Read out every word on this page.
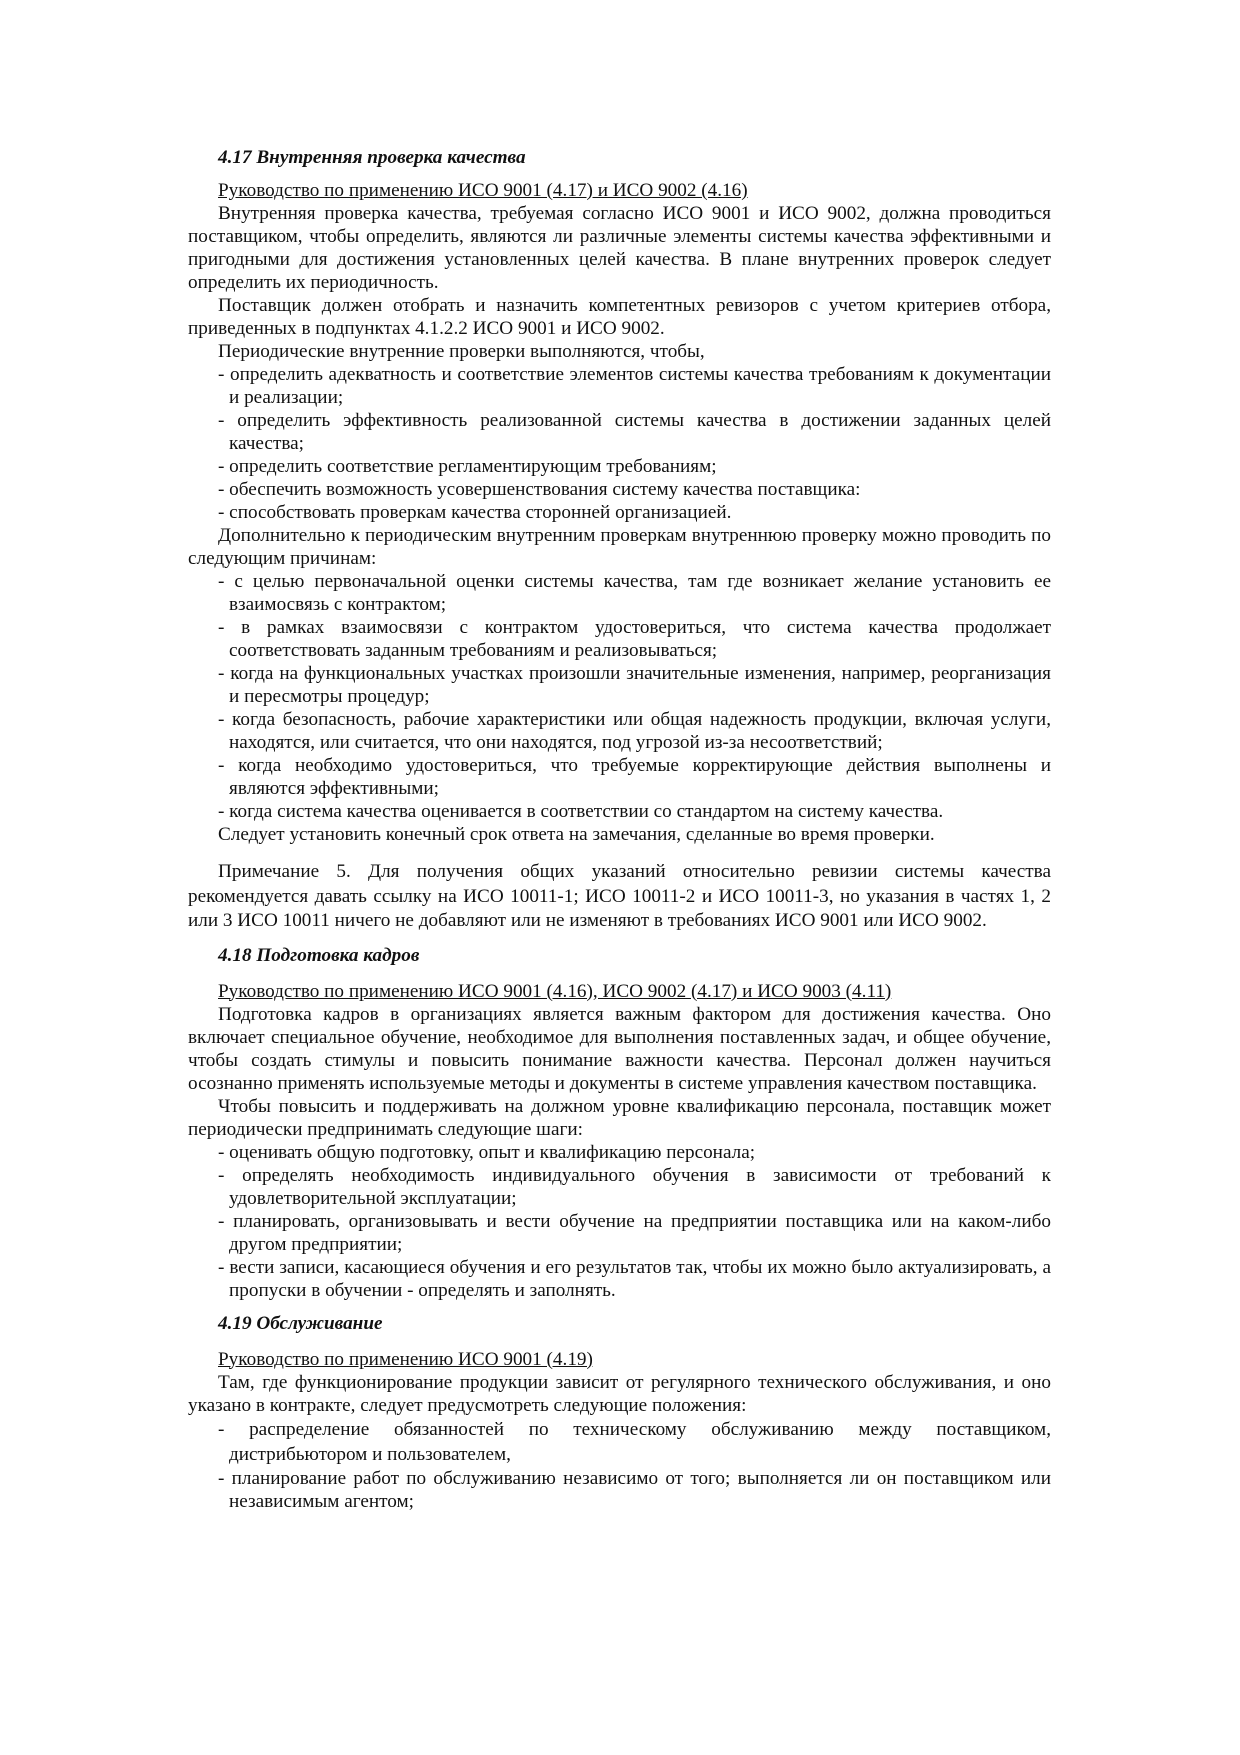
4.17 Внутренняя проверка качества

Руководство по применению ИСО 9001 (4.17) и ИСО 9002 (4.16)

Внутренняя проверка качества, требуемая согласно ИСО 9001 и ИСО 9002, должна проводиться поставщиком, чтобы определить, являются ли различные элементы системы качества эффективными и пригодными для достижения установленных целей качества. В плане внутренних проверок следует определить их периодичность.

Поставщик должен отобрать и назначить компетентных ревизоров с учетом критериев отбора, приведенных в подпунктах 4.1.2.2 ИСО 9001 и ИСО 9002.

Периодические внутренние проверки выполняются, чтобы,

- определить адекватность и соответствие элементов системы качества требованиям к документации и реализации;
- определить эффективность реализованной системы качества в достижении заданных целей качества;
- определить соответствие регламентирующим требованиям;
- обеспечить возможность усовершенствования систему качества поставщика:
- способствовать проверкам качества сторонней организацией.

Дополнительно к периодическим внутренним проверкам внутреннюю проверку можно проводить по следующим причинам:

- с целью первоначальной оценки системы качества, там где возникает желание установить ее взаимосвязь с контрактом;
- в рамках взаимосвязи с контрактом удостовериться, что система качества продолжает соответствовать заданным требованиям и реализовываться;
- когда на функциональных участках произошли значительные изменения, например, реорганизация и пересмотры процедур;
- когда безопасность, рабочие характеристики или общая надежность продукции, включая услуги, находятся, или считается, что они находятся, под угрозой из-за несоответствий;
- когда необходимо удостовериться, что требуемые корректирующие действия выполнены и являются эффективными;
- когда система качества оценивается в соответствии со стандартом на систему качества.

Следует установить конечный срок ответа на замечания, сделанные во время проверки.

Примечание 5. Для получения общих указаний относительно ревизии системы качества рекомендуется давать ссылку на ИСО 10011-1; ИСО 10011-2 и ИСО 10011-3, но указания в частях 1, 2 или 3 ИСО 10011 ничего не добавляют или не изменяют в требованиях ИСО 9001 или ИСО 9002.

4.18 Подготовка кадров

Руководство по применению ИСО 9001 (4.16), ИСО 9002 (4.17) и ИСО 9003 (4.11)

Подготовка кадров в организациях является важным фактором для достижения качества. Оно включает специальное обучение, необходимое для выполнения поставленных задач, и общее обучение, чтобы создать стимулы и повысить понимание важности качества. Персонал должен научиться осознанно применять используемые методы и документы в системе управления качеством поставщика.

Чтобы повысить и поддерживать на должном уровне квалификацию персонала, поставщик может периодически предпринимать следующие шаги:

- оценивать общую подготовку, опыт и квалификацию персонала;
- определять необходимость индивидуального обучения в зависимости от требований к удовлетворительной эксплуатации;
- планировать, организовывать и вести обучение на предприятии поставщика или на каком-либо другом предприятии;
- вести записи, касающиеся обучения и его результатов так, чтобы их можно было актуализировать, а пропуски в обучении - определять и заполнять.

4.19 Обслуживание

Руководство по применению ИСО 9001 (4.19)

Там, где функционирование продукции зависит от регулярного технического обслуживания, и оно указано в контракте, следует предусмотреть следующие положения:

- распределение обязанностей по техническому обслуживанию между поставщиком, дистрибьютором и пользователем,
- планирование работ по обслуживанию независимо от того; выполняется ли он поставщиком или независимым агентом;
